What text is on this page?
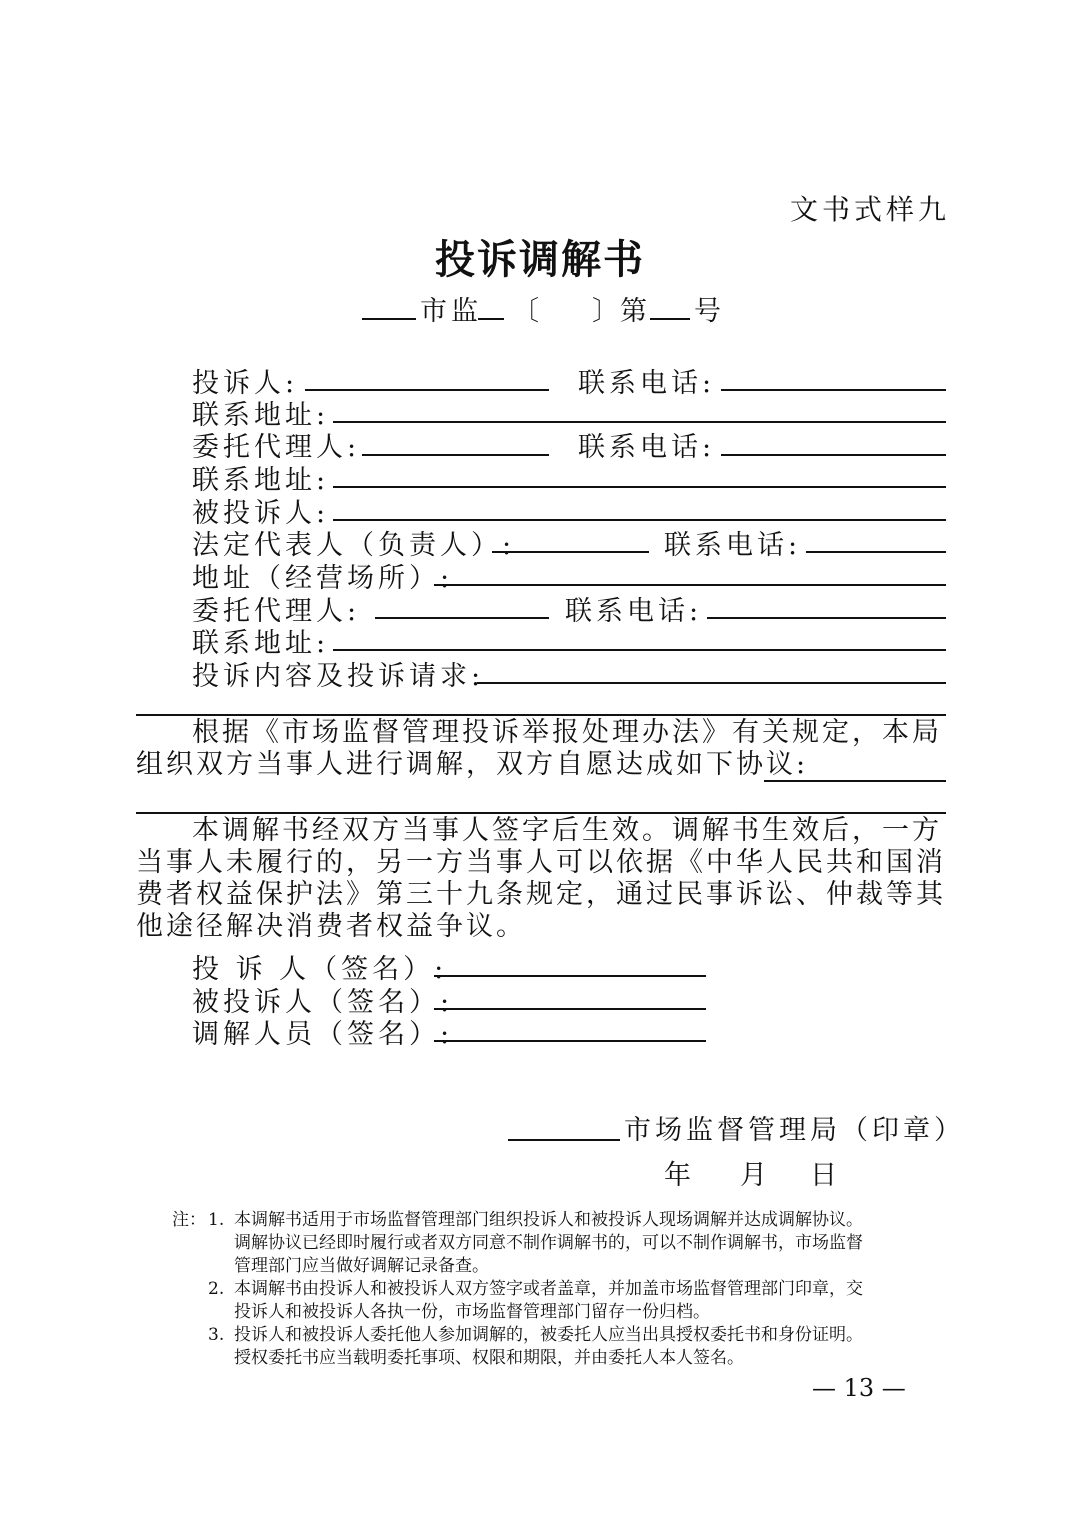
文书式样九
投诉调解书
市监 〔 〕
第 号
投诉人:	联系电话:
联系地址:
委托代理人:	联系电话:
联系地址:
被投诉人:
法定代表人（负责人）:	联系电话:
地址（经营场所）:
委托代理人:	联系电话:
联系地址:
投诉内容及投诉请求:
根据《市场监督管理投诉举报处理办法》有关规定，本局组织双方当事人进行调解，双方自愿达成如下协议:
本调解书经双方当事人签字后生效。调解书生效后，一方当事人未履行的，另一方当事人可以依据《中华人民共和国消费者权益保护法》第三十九条规定，通过民事诉讼、仲裁等其他途径解决消费者权益争议。
投 诉 人（签名）:
被投诉人（签名）:
调解人员（签名）:
市场监督管理局（印章）
年 月 日
注： 1. 本调解书适用于市场监督管理部门组织投诉人和被投诉人现场调解并达成调解协议。
调解协议已经即时履行或者双方同意不制作调解书的，可以不制作调解书，市场监督
管理部门应当做好调解记录备查。
2. 本调解书由投诉人和被投诉人双方签字或者盖章，并加盖市场监督管理部门印章，交
投诉人和被投诉人各执一份，市场监督管理部门留存一份归档。
3. 投诉人和被投诉人委托他人参加调解的，被委托人应当出具授权委托书和身份证明。
授权委托书应当载明委托事项、权限和期限，并由委托人本人签名。
— 13 —
